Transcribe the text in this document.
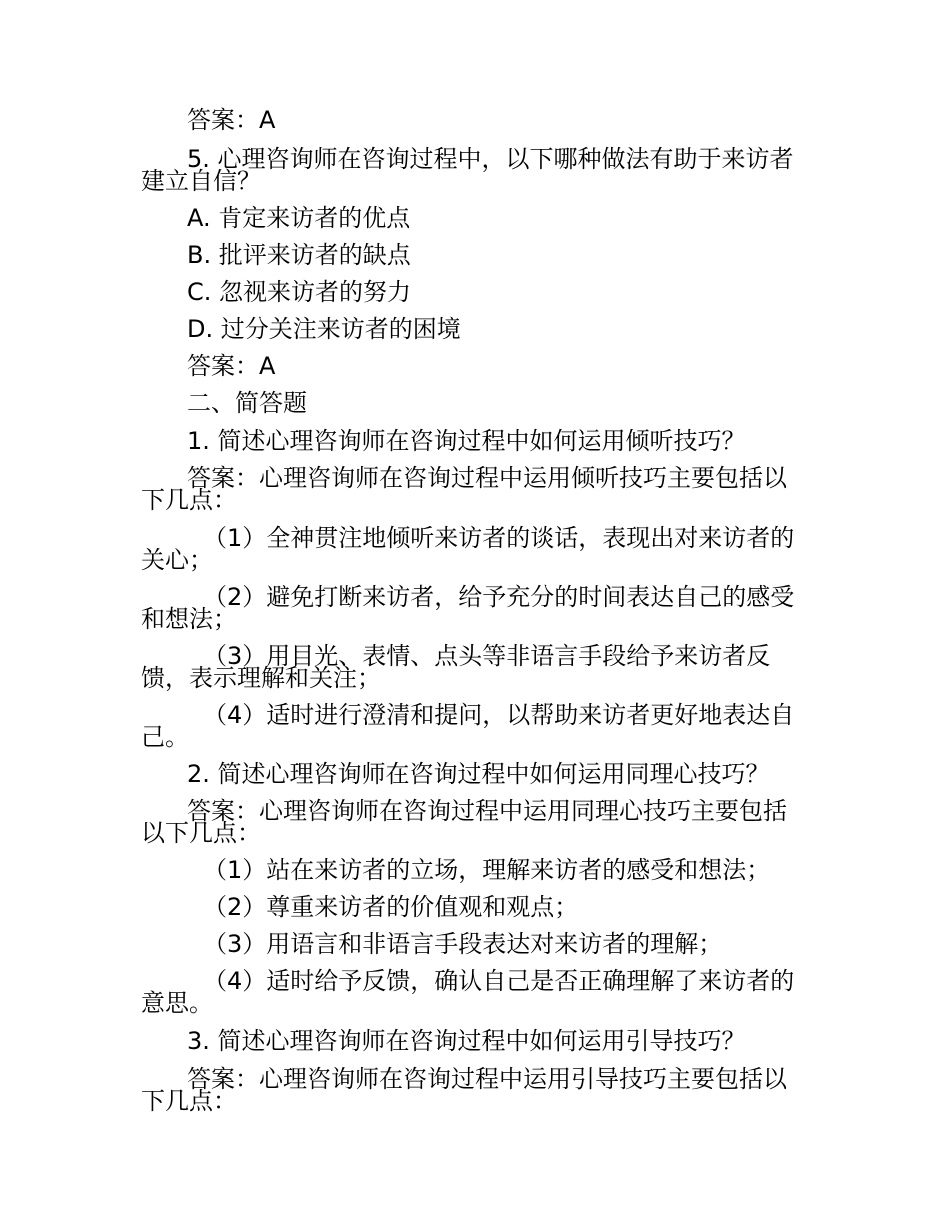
答案：A
5. 心理咨询师在咨询过程中，以下哪种做法有助于来访者
建立自信？
A. 肯定来访者的优点
B. 批评来访者的缺点
C. 忽视来访者的努力
D. 过分关注来访者的困境
答案：A
二、简答题
1. 简述心理咨询师在咨询过程中如何运用倾听技巧？
答案：心理咨询师在咨询过程中运用倾听技巧主要包括以
下几点：
（1）全神贯注地倾听来访者的谈话，表现出对来访者的
关心；
（2）避免打断来访者，给予充分的时间表达自己的感受
和想法；
（3）用目光、表情、点头等非语言手段给予来访者反
馈，表示理解和关注；
（4）适时进行澄清和提问，以帮助来访者更好地表达自
己。
2. 简述心理咨询师在咨询过程中如何运用同理心技巧？
答案：心理咨询师在咨询过程中运用同理心技巧主要包括
以下几点：
（1）站在来访者的立场，理解来访者的感受和想法；
（2）尊重来访者的价值观和观点；
（3）用语言和非语言手段表达对来访者的理解；
（4）适时给予反馈，确认自己是否正确理解了来访者的
意思。
3. 简述心理咨询师在咨询过程中如何运用引导技巧？
答案：心理咨询师在咨询过程中运用引导技巧主要包括以
下几点：
